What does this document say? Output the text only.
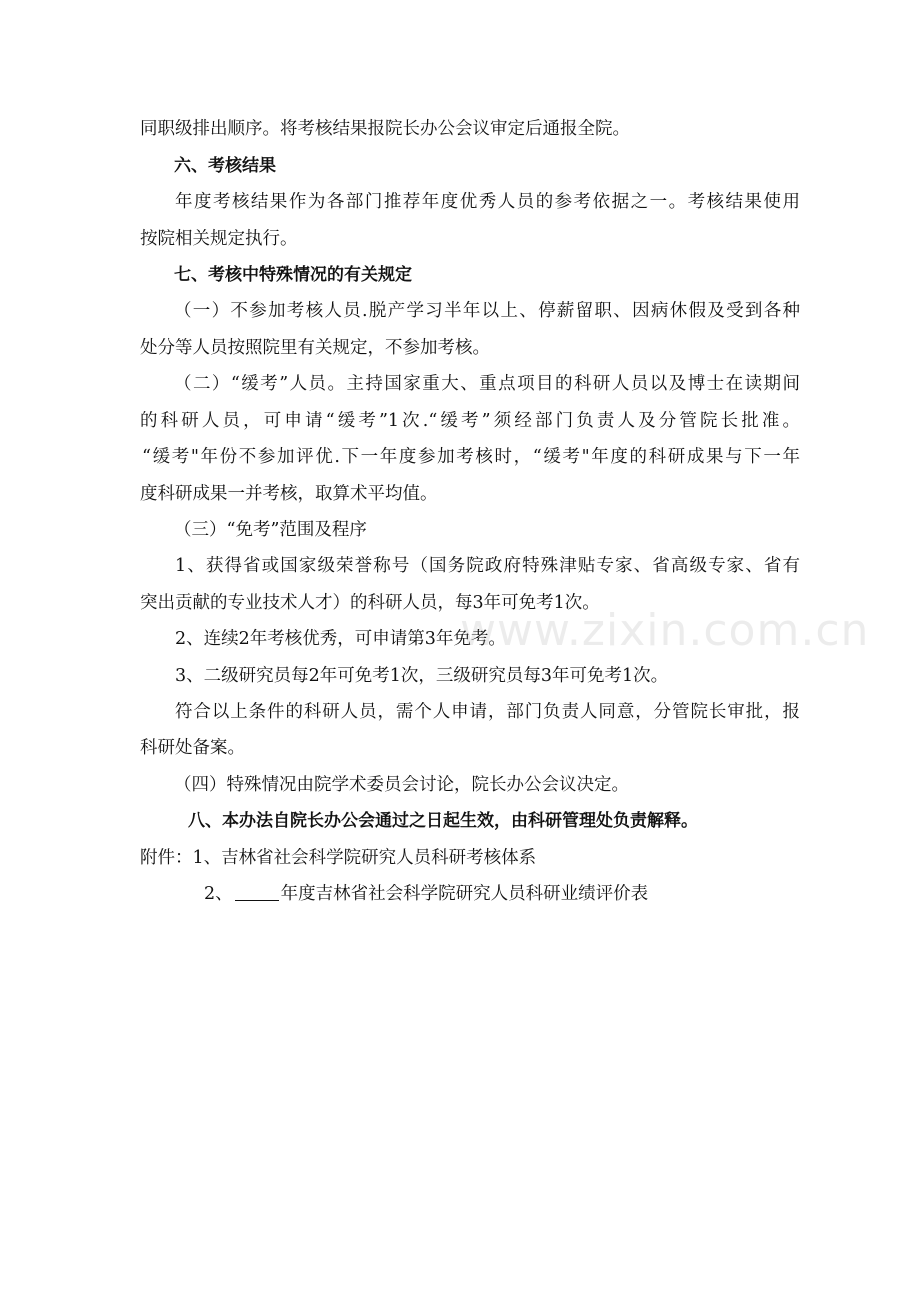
同职级排出顺序。将考核结果报院长办公会议审定后通报全院。
六、考核结果
年度考核结果作为各部门推荐年度优秀人员的参考依据之一。考核结果使用
按院相关规定执行。
七、考核中特殊情况的有关规定
（一）不参加考核人员.脱产学习半年以上、停薪留职、因病休假及受到各种
处分等人员按照院里有关规定，不参加考核。
（二）“缓考”人员。主持国家重大、重点项目的科研人员以及博士在读期间
的科研人员，可申请“缓考”1次.“缓考”须经部门负责人及分管院长批准。
“缓考"年份不参加评优.下一年度参加考核时，“缓考"年度的科研成果与下一年
度科研成果一并考核，取算术平均值。
（三）“免考”范围及程序
1、获得省或国家级荣誉称号（国务院政府特殊津贴专家、省高级专家、省有
突出贡献的专业技术人才）的科研人员，每3年可免考1次。
2、连续2年考核优秀，可申请第3年免考。
3、二级研究员每2年可免考1次，三级研究员每3年可免考1次。
符合以上条件的科研人员，需个人申请，部门负责人同意，分管院长审批，报
科研处备案。
（四）特殊情况由院学术委员会讨论，院长办公会议决定。
八、本办法自院长办公会通过之日起生效，由科研管理处负责解释。
附件：1、吉林省社会科学院研究人员科研考核体系
2、	年度吉林省社会科学院研究人员科研业绩评价表
www.zixin.com.cn
